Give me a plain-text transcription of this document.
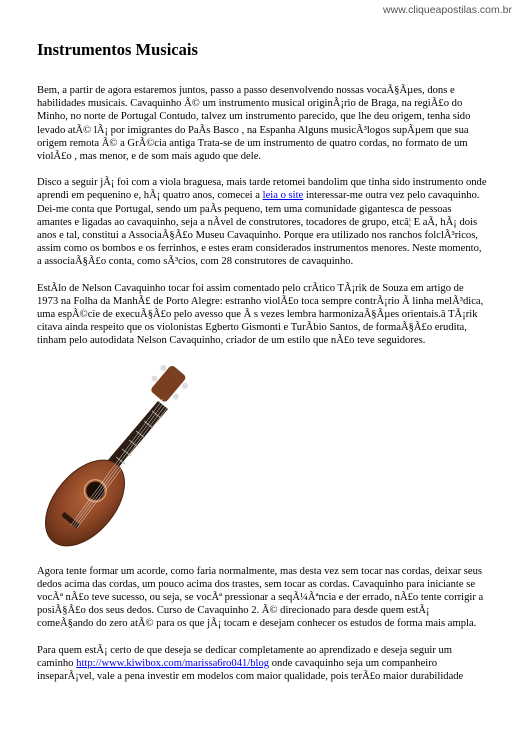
www.cliqueapostilas.com.br
Instrumentos Musicais

Bem, a partir de agora estaremos juntos, passo a passo desenvolvendo nossas vocaÃ§Ãµes, dons e habilidades musicais. Cavaquinho Ã© um instrumento musical originÃ¡rio de Braga, na regiÃ£o do Minho, no norte de Portugal Contudo, talvez um instrumento parecido, que lhe deu origem, tenha sido levado atÃ© lÃ¡ por imigrantes do PaÃs Basco , na Espanha Alguns musicÃ³logos supÃµem que sua origem remota Ã© a GrÃ©cia antiga Trata-se de um instrumento de quatro cordas, no formato de um violÃ£o , mas menor, e de som mais agudo que dele.

Disco a seguir jÃ¡ foi com a viola braguesa, mais tarde retomei bandolim que tinha sido instrumento onde aprendi em pequenino e, hÃ¡ quatro anos, comecei a leia o site interessar-me outra vez pelo cavaquinho. Dei-me conta que Portugal, sendo um paÃs pequeno, tem uma comunidade gigantesca de pessoas amantes e ligadas ao cavaquinho, seja a nÃvel de construtores, tocadores de grupo, etcâ¦ E aÃ, hÃ¡ dois anos e tal, constitui a AssociaÃ§Ã£o Museu Cavaquinho. Porque era utilizado nos ranchos folclÃ³ricos, assim como os bombos e os ferrinhos, e estes eram considerados instrumentos menores. Neste momento, a associaÃ§Ã£o conta, como sÃ³cios, com 28 construtores de cavaquinho.

EstÃlo de Nelson Cavaquinho tocar foi assim comentado pelo crÃtico TÃ¡rik de Souza em artigo de 1973 na Folha da ManhÃ£ de Porto Alegre: estranho violÃ£o toca sempre contrÃ¡rio Ã linha melÃ³dica, uma espÃ©cie de execuÃ§Ã£o pelo avesso que Ã s vezes lembra harmonizaÃ§Ãµes orientais.â TÃ¡rik citava ainda respeito que os violonistas Egberto Gismonti e TurÃbio Santos, de formaÃ§Ã£o erudita, tinham pelo autodidata Nelson Cavaquinho, criador de um estilo que nÃ£o teve seguidores.

Agora tente formar um acorde, como faria normalmente, mas desta vez sem tocar nas cordas, deixar seus dedos acima das cordas, um pouco acima dos trastes, sem tocar as cordas. Cavaquinho para iniciante se vocÃª nÃ£o teve sucesso, ou seja, se vocÃª pressionar a seqÃ¼Ãªncia e der errado, nÃ£o tente corrigir a posiÃ§Ã£o dos seus dedos. Curso de Cavaquinho 2. Ã© direcionado para desde quem estÃ¡ comeÃ§ando do zero atÃ© para os que jÃ¡ tocam e desejam conhecer os estudos de forma mais ampla.

Para quem estÃ¡ certo de que deseja se dedicar completamente ao aprendizado e deseja seguir um caminho http://www.kiwibox.com/marissa6ro041/blog onde cavaquinho seja um companheiro inseparÃ¡vel, vale a pena investir em modelos com maior qualidade, pois terÃ£o maior durabilidade
